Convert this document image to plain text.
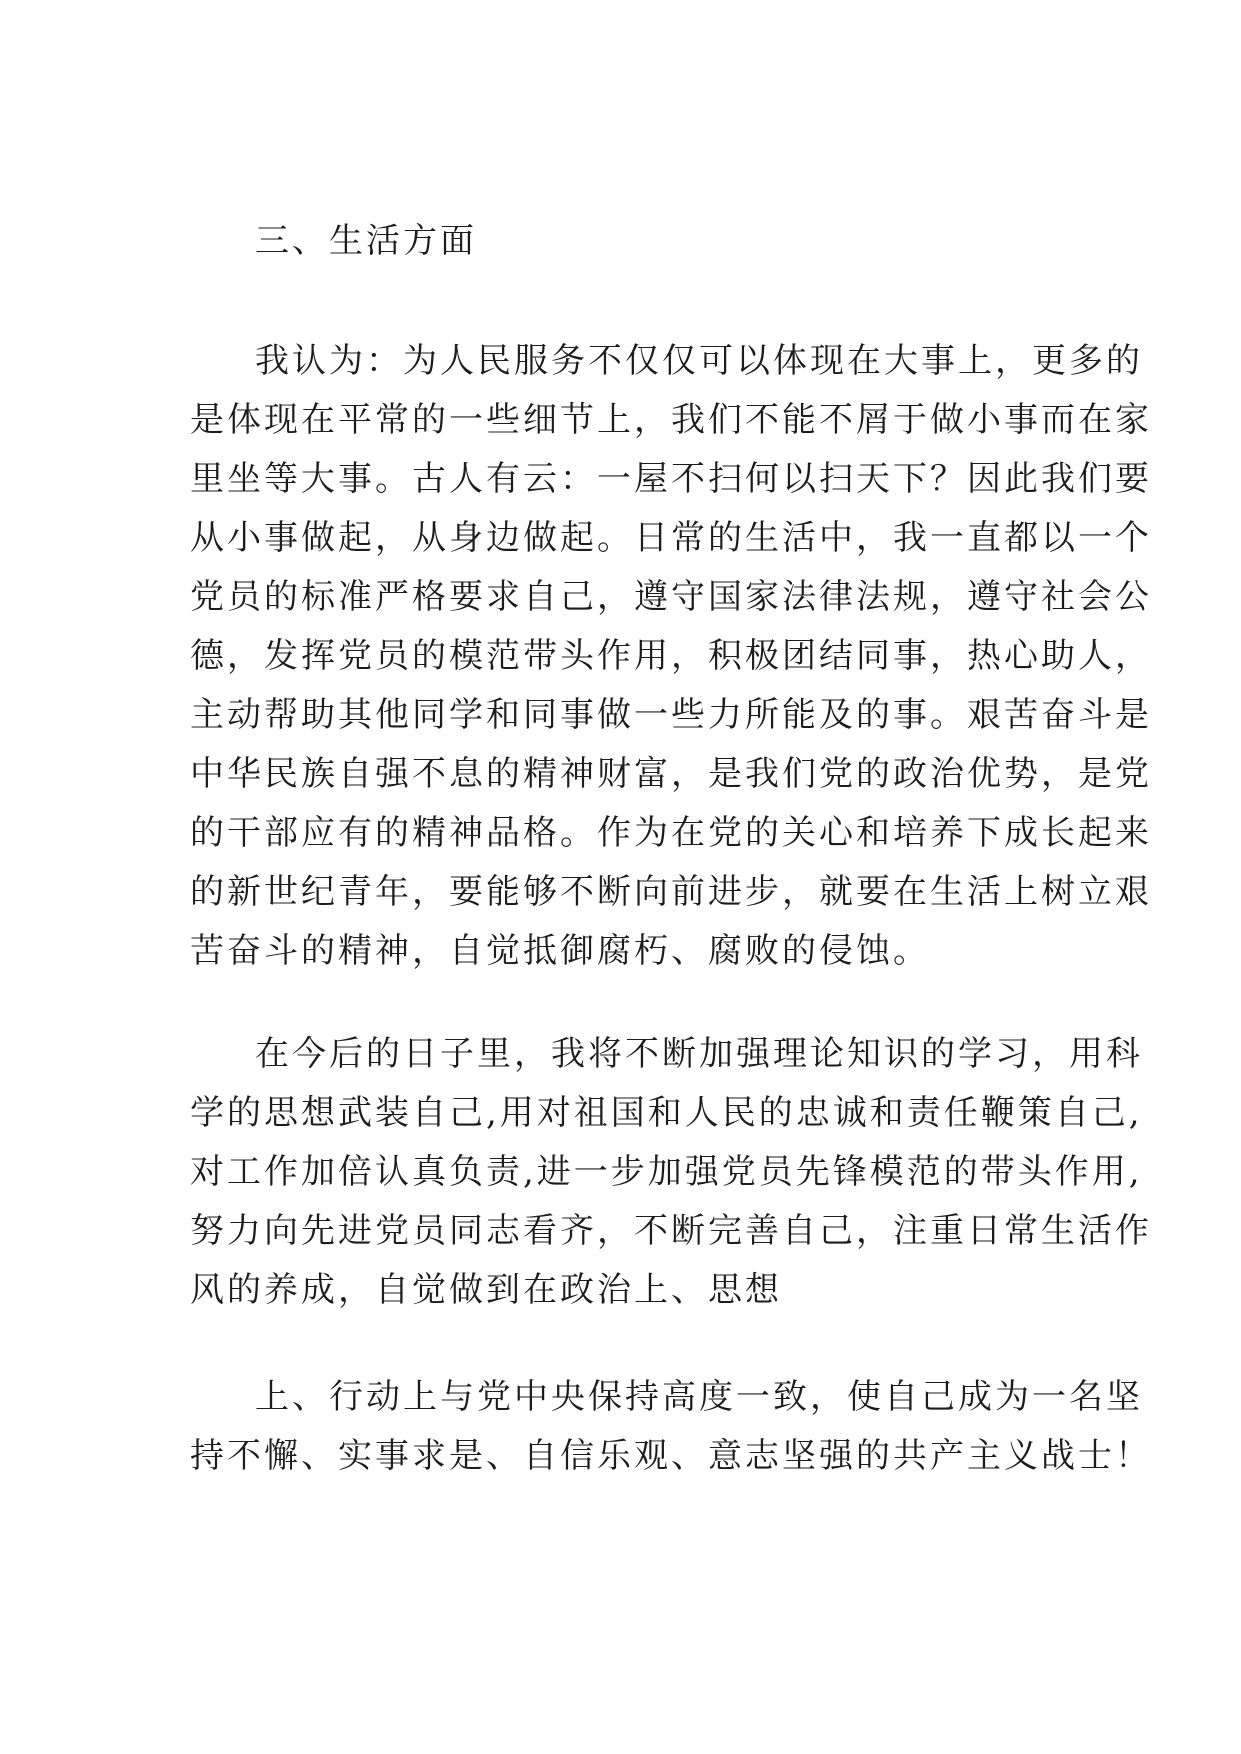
三、生活方面
我认为：为人民服务不仅仅可以体现在大事上，更多的
是体现在平常的一些细节上，我们不能不屑于做小事而在家
里坐等大事。古人有云：一屋不扫何以扫天下？因此我们要
从小事做起，从身边做起。日常的生活中，我一直都以一个
党员的标准严格要求自己，遵守国家法律法规，遵守社会公
德，发挥党员的模范带头作用，积极团结同事，热心助人，
主动帮助其他同学和同事做一些力所能及的事。艰苦奋斗是
中华民族自强不息的精神财富，是我们党的政治优势，是党
的干部应有的精神品格。作为在党的关心和培养下成长起来
的新世纪青年，要能够不断向前进步，就要在生活上树立艰
苦奋斗的精神，自觉抵御腐朽、腐败的侵蚀。
在今后的日子里，我将不断加强理论知识的学习，用科
学的思想武装自己,用对祖国和人民的忠诚和责任鞭策自己,
对工作加倍认真负责,进一步加强党员先锋模范的带头作用,
努力向先进党员同志看齐，不断完善自己，注重日常生活作
风的养成，自觉做到在政治上、思想
上、行动上与党中央保持高度一致，使自己成为一名坚
持不懈、实事求是、自信乐观、意志坚强的共产主义战士！
